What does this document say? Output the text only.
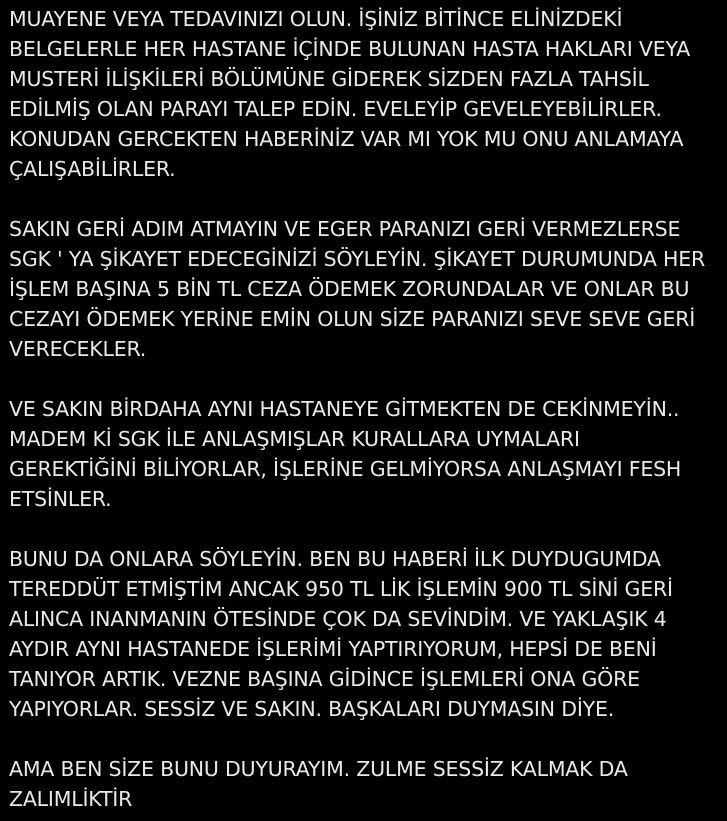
MUAYENE VEYA TEDAVINIZI OLUN. İŞİNİZ BİTİNCE ELİNİZDEKİ
BELGELERLE HER HASTANE İÇİNDE BULUNAN HASTA HAKLARI VEYA
MUSTERİ İLİŞKİLERİ BÖLÜMÜNE GİDEREK SİZDEN FAZLA TAHSİL
EDİLMİŞ OLAN PARAYI TALEP EDİN. EVELEYİP GEVELEYEBİLİRLER.
KONUDAN GERCEKTEN HABERİNİZ VAR MI YOK MU ONU ANLAMAYA
ÇALIŞABİLİRLER.

SAKIN GERİ ADIM ATMAYIN VE EGER PARANIZI GERİ VERMEZLERSE
SGK ' YA ŞİKAYET EDECEGİNİZİ SÖYLEYİN. ŞİKAYET DURUMUNDA HER
İŞLEM BAŞINA 5 BİN TL CEZA ÖDEMEK ZORUNDALAR VE ONLAR BU
CEZAYI ÖDEMEK YERİNE EMİN OLUN SİZE PARANIZI SEVE SEVE GERİ
VERECEKLER.

VE SAKIN BİRDAHA AYNI HASTANEYE GİTMEKTEN DE CEKİNMEYİN..
MADEM Kİ SGK İLE ANLAŞMIŞLAR KURALLARA UYMALARI
GEREKTİĞİNİ BİLİYORLAR, İŞLERİNE GELMİYORSA ANLAŞMAYI FESH
ETSİNLER.

BUNU DA ONLARA SÖYLEYİN. BEN BU HABERİ İLK DUYDUGUMDA
TEREDDÜT ETMİŞTİM ANCAK 950 TL LİK İŞLEMİN 900 TL SİNİ GERİ
ALINCA INANMANIN ÖTESİNDE ÇOK DA SEVİNDİM. VE YAKLAŞIK 4
AYDIR AYNI HASTANEDE İŞLERİMİ YAPTIRIYORUM, HEPSİ DE BENİ
TANIYOR ARTIK. VEZNE BAŞINA GİDİNCE İŞLEMLERİ ONA GÖRE
YAPIYORLAR. SESSİZ VE SAKIN. BAŞKALARI DUYMASIN DİYE.

AMA BEN SİZE BUNU DUYURAYIM. ZULME SESSİZ KALMAK DA
ZALIMLİKTİR
